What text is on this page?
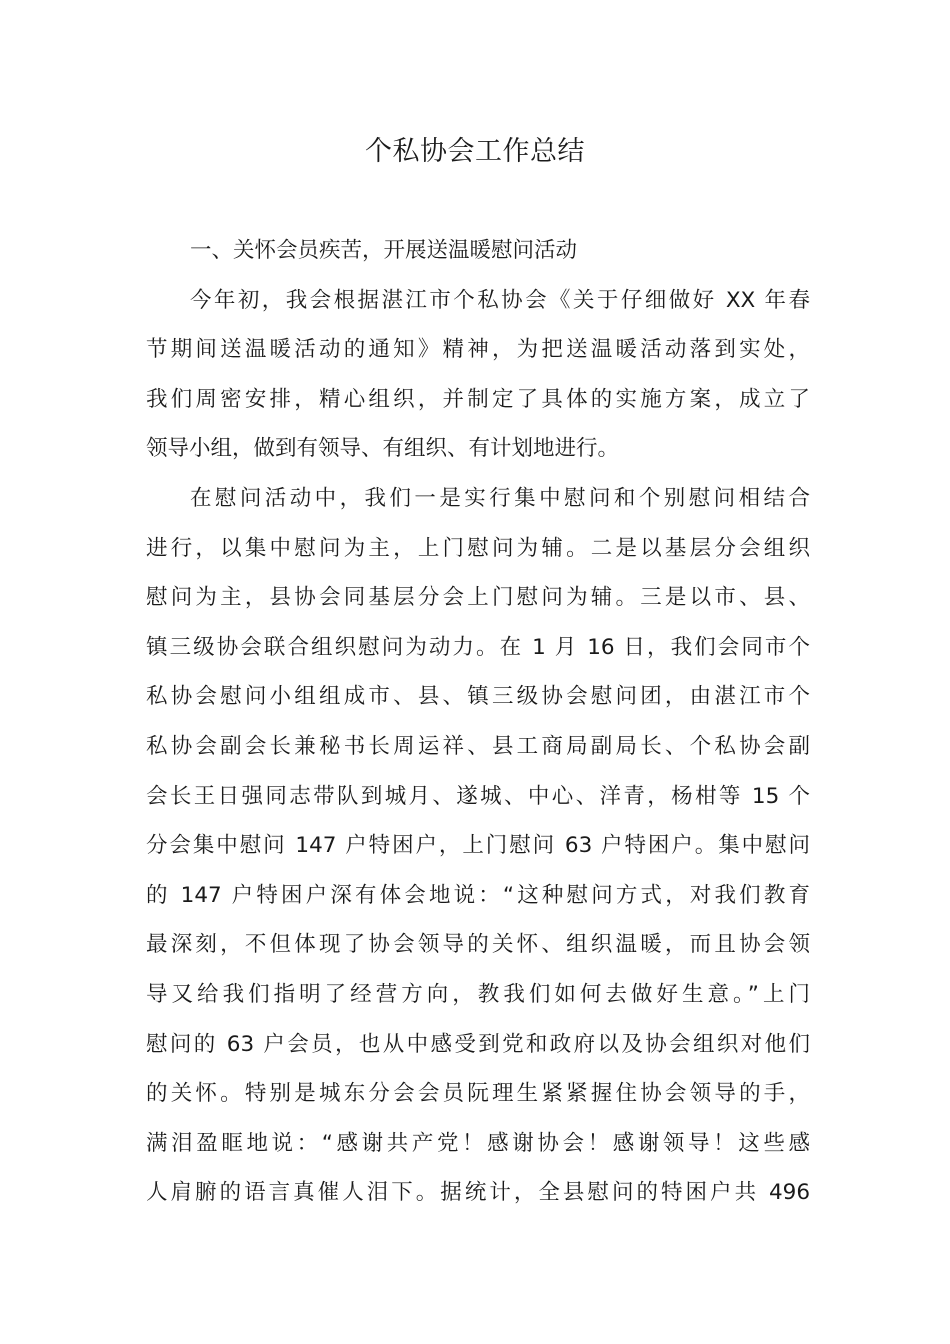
个私协会工作总结
一、关怀会员疾苦，开展送温暖慰问活动
今年初，我会根据湛江市个私协会《关于仔细做好 XX 年春
节期间送温暖活动的通知》精神，为把送温暖活动落到实处，
我们周密安排，精心组织，并制定了具体的实施方案，成立了
领导小组，做到有领导、有组织、有计划地进行。
在慰问活动中，我们一是实行集中慰问和个别慰问相结合
进行，以集中慰问为主，上门慰问为辅。二是以基层分会组织
慰问为主，县协会同基层分会上门慰问为辅。三是以市、县、
镇三级协会联合组织慰问为动力。在 1 月 16 日，我们会同市个
私协会慰问小组组成市、县、镇三级协会慰问团，由湛江市个
私协会副会长兼秘书长周运祥、县工商局副局长、个私协会副
会长王日强同志带队到城月、遂城、中心、洋青，杨柑等 15 个
分会集中慰问 147 户特困户，上门慰问 63 户特困户。集中慰问
的 147 户特困户深有体会地说：“这种慰问方式，对我们教育
最深刻，不但体现了协会领导的关怀、组织温暖，而且协会领
导又给我们指明了经营方向，教我们如何去做好生意。”上门
慰问的 63 户会员，也从中感受到党和政府以及协会组织对他们
的关怀。特别是城东分会会员阮理生紧紧握住协会领导的手，
满泪盈眶地说：“感谢共产党！感谢协会！感谢领导！这些感
人肩腑的语言真催人泪下。据统计，全县慰问的特困户共 496
